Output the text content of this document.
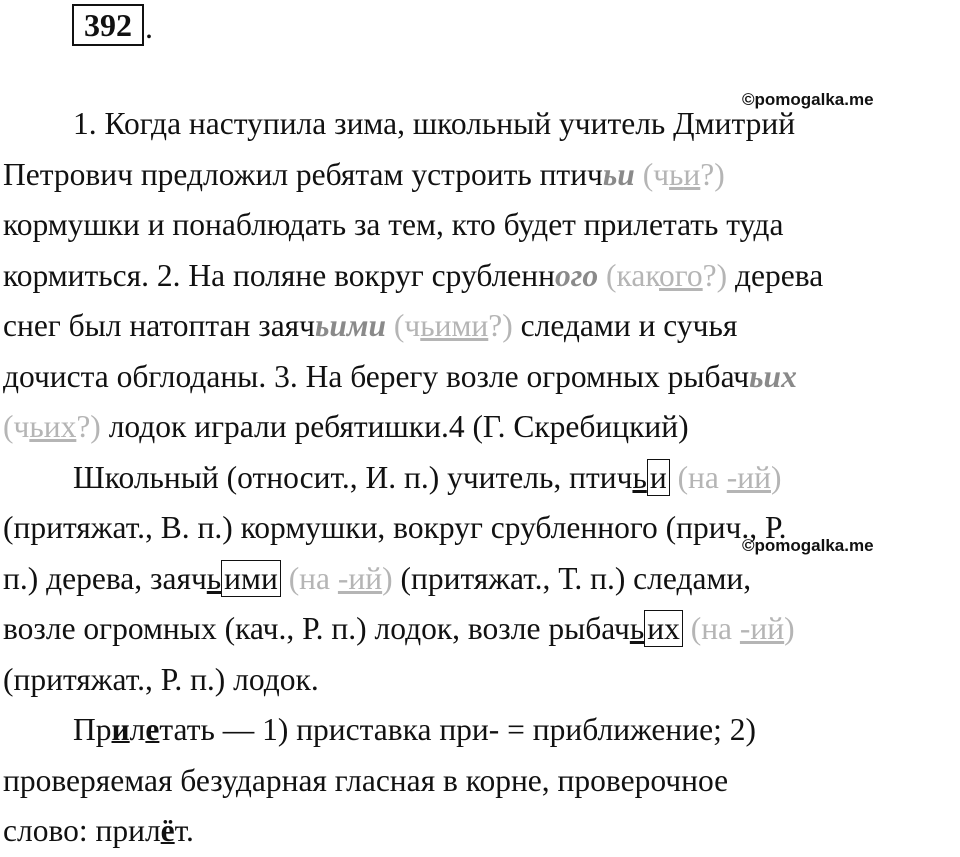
392 .
©pomogalka.me
©pomogalka.me
1. Когда наступила зима, школьный учитель Дмитрий
Петрович предложил ребятам устроить птичьи (чьи?)
кормушки и понаблюдать за тем, кто будет прилетать туда
кормиться. 2. На поляне вокруг срубленного (какого?) дерева
снег был натоптан заячьими (чьими?) следами и сучья
дочиста обглоданы. 3. На берегу возле огромных рыбачьих
(чьих?) лодок играли ребятишки.4 (Г. Скребицкий)
Школьный (относит., И. п.) учитель, птичьи (на -ий)
(притяжат., В. п.) кормушки, вокруг срубленного (прич., Р.
п.) дерева, заячьими (на -ий) (притяжат., Т. п.) следами,
возле огромных (кач., Р. п.) лодок, возле рыбачьих (на -ий)
(притяжат., Р. п.) лодок.
Прилетать — 1) приставка при- = приближение; 2)
проверяемая безударная гласная в корне, проверочное
слово: прилёт.
